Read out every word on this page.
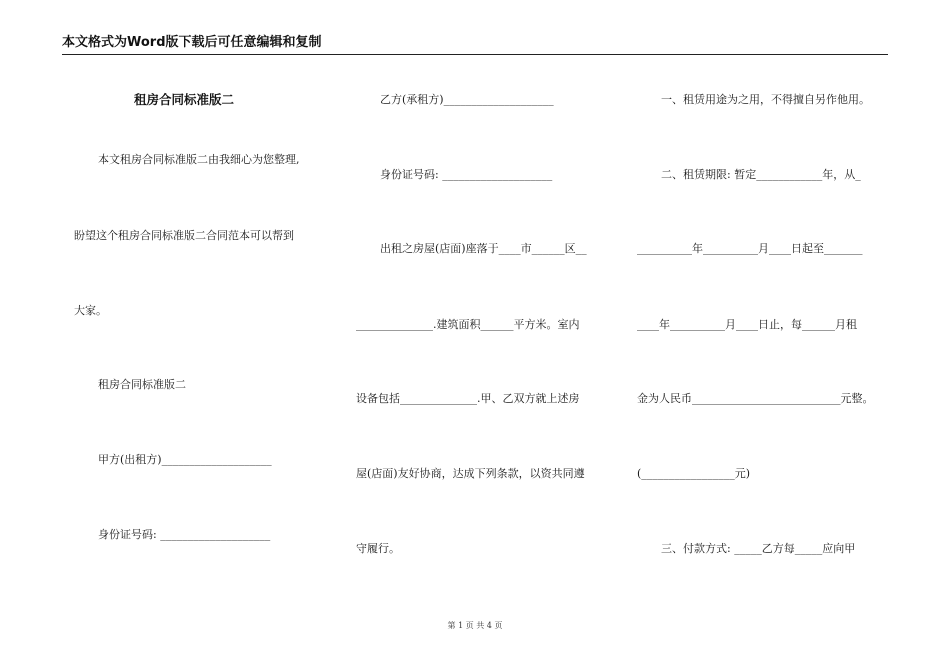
本文格式为Word版下载后可任意编辑和复制
租房合同标准版二
本文租房合同标准版二由我细心为您整理,
盼望这个租房合同标准版二合同范本可以帮到
大家。
租房合同标准版二
甲方(出租方)____________________
身份证号码: ____________________
乙方(承租方)____________________
身份证号码: ____________________
出租之房屋(店面)座落于____市______区__
______________.建筑面积______平方米。室内
设备包括______________.甲、乙双方就上述房
屋(店面)友好协商，达成下列条款，以资共同遵
守履行。
一、租赁用途为之用，不得擅自另作他用。
二、租赁期限: 暂定____________年，从_
__________年__________月____日起至_______
____年__________月____日止，每______月租
金为人民币___________________________元整。
(_________________元)
三、付款方式: _____乙方每_____应向甲
第 1 页 共 4 页
